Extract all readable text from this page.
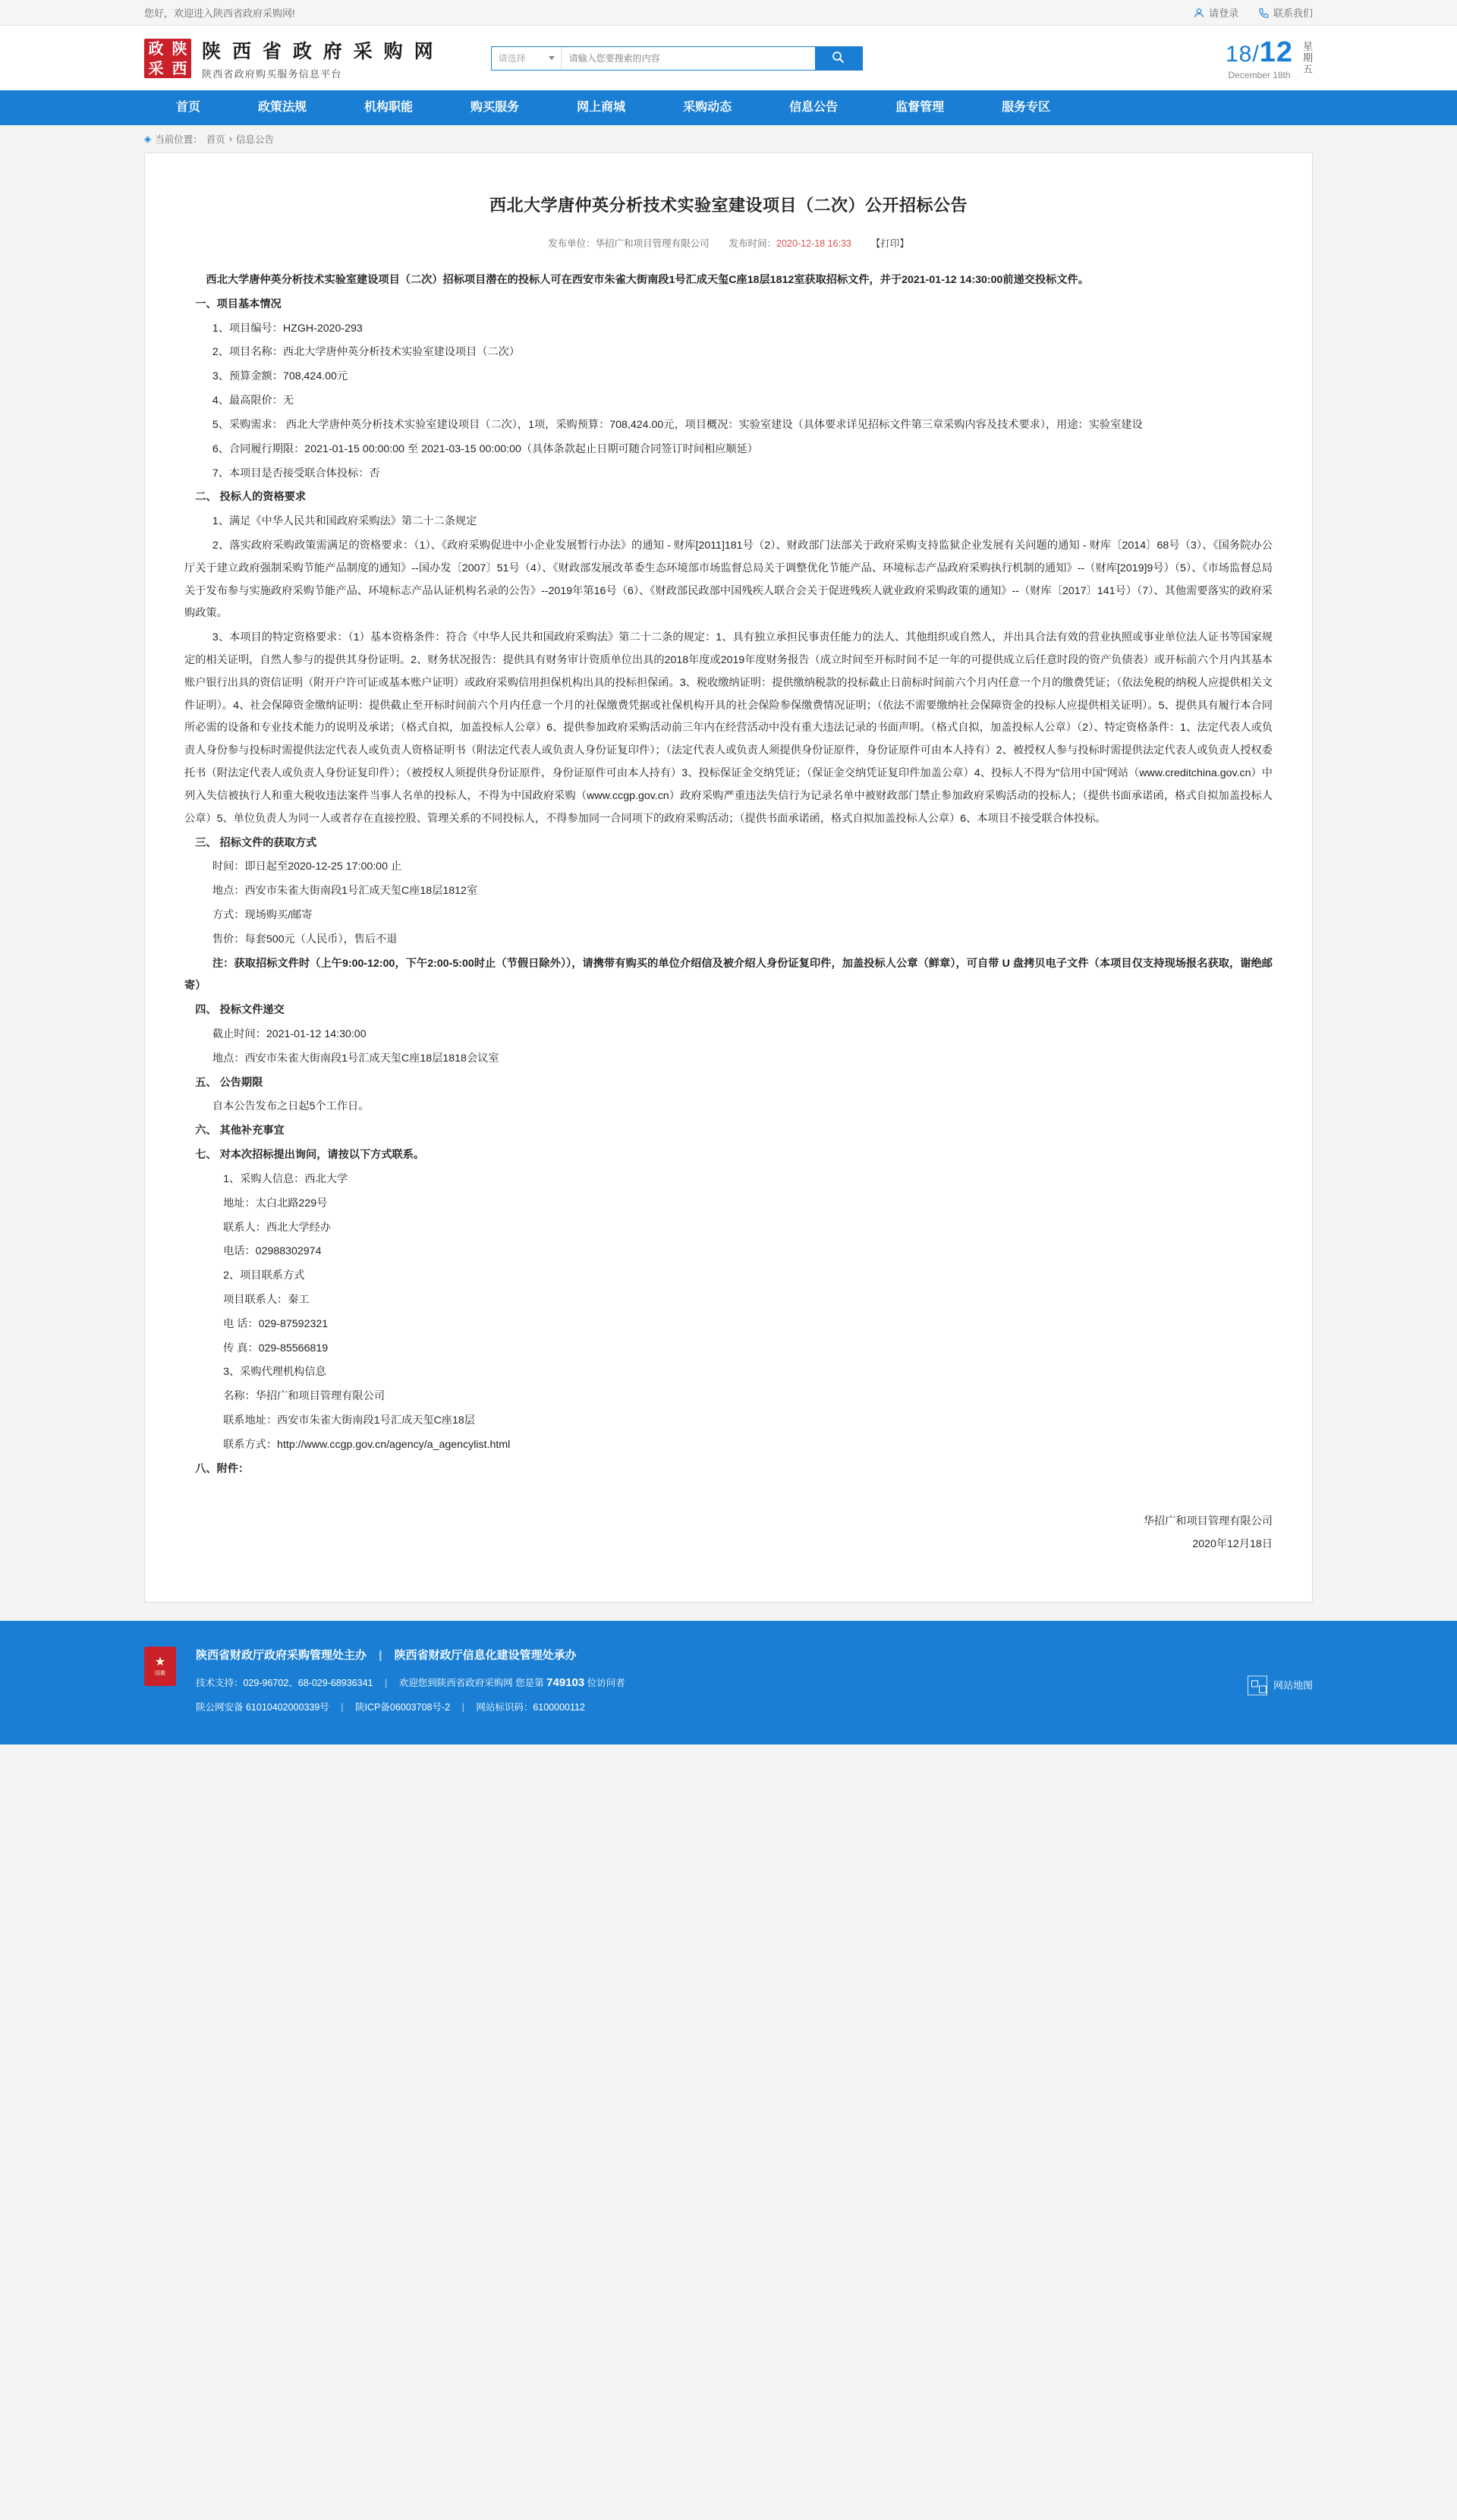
您好，欢迎进入陕西省政府采购网!	请登录	联系我们
政 陕
采 西
陕 西 省 政 府 采 购 网
陕西省政府购买服务信息平台
请选择
请输入您要搜索的内容	18/12
December 18th 星期五
首页	政策法规	机构职能	购买服务	网上商城	采购动态	信息公告	监督管理	服务专区
◈ 当前位置： 首页 › 信息公告
西北大学唐仲英分析技术实验室建设项目（二次）公开招标公告
发布单位：华招广和项目管理有限公司 发布时间：2020-12-18 16:33 【打印】

西北大学唐仲英分析技术实验室建设项目（二次）招标项目潜在的投标人可在西安市朱雀大街南段1号汇成天玺C座18层1812室获取招标文件，并于2021-01-12 14:30:00前递交投标文件。

一、项目基本情况

1、项目编号：HZGH-2020-293

2、项目名称：西北大学唐仲英分析技术实验室建设项目（二次）

3、预算金额：708,424.00元

4、最高限价：无

5、采购需求： 西北大学唐仲英分析技术实验室建设项目（二次），1项，采购预算：708,424.00元，项目概况：实验室建设（具体要求详见招标文件第三章采购内容及技术要求），用途：实验室建设

6、合同履行期限：2021-01-15 00:00:00 至 2021-03-15 00:00:00（具体条款起止日期可随合同签订时间相应顺延）

7、本项目是否接受联合体投标：否

二、 投标人的资格要求

1、满足《中华人民共和国政府采购法》第二十二条规定

2、落实政府采购政策需满足的资格要求：（1）、《政府采购促进中小企业发展暂行办法》的通知 - 财库[2011]181号（2）、财政部门法部关于政府采购支持监狱企业发展有关问题的通知 - 财库〔2014〕68号（3）、《国务院办公厅关于建立政府强制采购节能产品制度的通知》--国办发〔2007〕51号（4）、《财政部发展改革委生态环境部市场监督总局关于调整优化节能产品、环境标志产品政府采购执行机制的通知》--（财库[2019]9号）（5）、《市场监督总局关于发布参与实施政府采购节能产品、环境标志产品认证机构名录的公告》--2019年第16号（6）、《财政部民政部中国残疾人联合会关于促进残疾人就业政府采购政策的通知》--（财库〔2017〕141号）（7）、其他需要落实的政府采购政策。

3、本项目的特定资格要求：（1）基本资格条件：符合《中华人民共和国政府采购法》第二十二条的规定：1、具有独立承担民事责任能力的法人、其他组织或自然人，并出具合法有效的营业执照或事业单位法人证书等国家规定的相关证明，自然人参与的提供其身份证明。2、财务状况报告：提供具有财务审计资质单位出具的2018年度或2019年度财务报告（成立时间至开标时间不足一年的可提供成立后任意时段的资产负债表）或开标前六个月内其基本账户银行出具的资信证明（附开户许可证或基本账户证明）或政府采购信用担保机构出具的投标担保函。3、税收缴纳证明：提供缴纳税款的投标截止日前标时间前六个月内任意一个月的缴费凭证；（依法免税的纳税人应提供相关文件证明）。4、社会保障资金缴纳证明：提供截止至开标时间前六个月内任意一个月的社保缴费凭据或社保机构开具的社会保险参保缴费情况证明；（依法不需要缴纳社会保障资金的投标人应提供相关证明）。5、提供具有履行本合同所必需的设备和专业技术能力的说明及承诺；（格式自拟，加盖投标人公章）6、提供参加政府采购活动前三年内在经营活动中没有重大违法记录的书面声明。（格式自拟，加盖投标人公章）（2）、特定资格条件：1、法定代表人或负责人身份参与投标时需提供法定代表人或负责人资格证明书（附法定代表人或负责人身份证复印件）；（法定代表人或负责人须提供身份证原件，身份证原件可由本人持有）2、被授权人参与投标时需提供法定代表人或负责人授权委托书（附法定代表人或负责人身份证复印件）；（被授权人须提供身份证原件，身份证原件可由本人持有）3、投标保证金交纳凭证；（保证金交纳凭证复印件加盖公章）4、投标人不得为"信用中国"网站（www.creditchina.gov.cn）中列入失信被执行人和重大税收违法案件当事人名单的投标人，不得为中国政府采购（www.ccgp.gov.cn）政府采购严重违法失信行为记录名单中被财政部门禁止参加政府采购活动的投标人；（提供书面承诺函，格式自拟加盖投标人公章）5、单位负责人为同一人或者存在直接控股、管理关系的不同投标人，不得参加同一合同项下的政府采购活动；（提供书面承诺函，格式自拟加盖投标人公章）6、本项目不接受联合体投标。

三、 招标文件的获取方式

时间：即日起至2020-12-25 17:00:00 止

地点：西安市朱雀大街南段1号汇成天玺C座18层1812室

方式：现场购买/邮寄

售价：每套500元（人民币），售后不退

注：获取招标文件时（上午9:00-12:00，下午2:00-5:00时止（节假日除外）），请携带有购买的单位介绍信及被介绍人身份证复印件，加盖投标人公章（鲜章），可自带 U 盘拷贝电子文件（本项目仅支持现场报名获取，谢绝邮寄）

四、 投标文件递交

截止时间：2021-01-12 14:30:00

地点：西安市朱雀大街南段1号汇成天玺C座18层1818会议室

五、 公告期限

自本公告发布之日起5个工作日。

六、 其他补充事宜

七、 对本次招标提出询问，请按以下方式联系。

1、采购人信息：西北大学

地址：太白北路229号

联系人：西北大学经办

电话：02988302974

2、项目联系方式

项目联系人：秦工

电 话：029-87592321

传 真：029-85566819

3、采购代理机构信息

名称：华招广和项目管理有限公司

联系地址：西安市朱雀大街南段1号汇成天玺C座18层

联系方式：http://www.ccgp.gov.cn/agency/a_agencylist.html

八、附件：

华招广和项目管理有限公司
2020年12月18日
★
国徽
陕西省财政厅政府采购管理处主办 | 陕西省财政厅信息化建设管理处承办
技术支持：029-96702、68-029-68936341 | 欢迎您到陕西省政府采购网 您是第 749103 位访问者
陕公网安备 61010402000339号 | 陕ICP备06003708号-2 | 网站标识码：6100000112
网站地图
